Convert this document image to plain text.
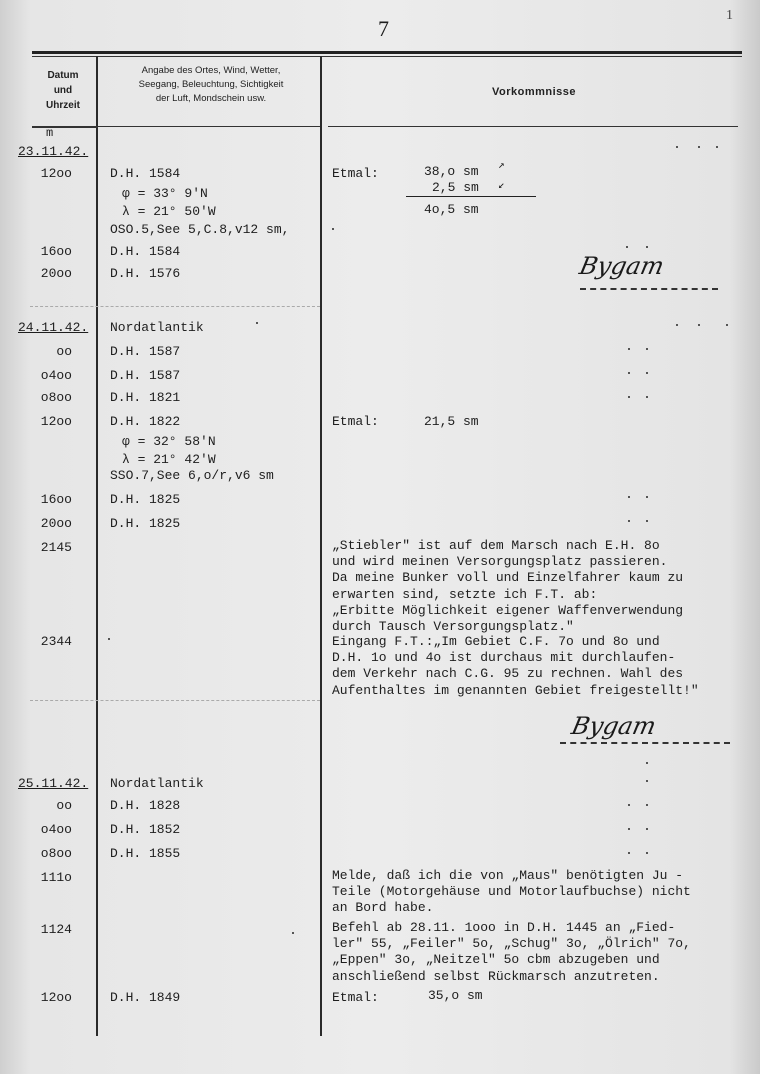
7
1
Datum
und
Uhrzeit
Angabe des Ortes, Wind, Wetter,
Seegang, Beleuchtung, Sichtigkeit
der Luft, Mondschein usw.
Vorkommnisse
m
23.11.42.
12oo	D.H. 1584
φ = 33° 9'N
λ = 21° 50'W
OSO.5,See 5,C.8,v12 sm,
Etmal:	38,o sm ↗
2,5 sm ↙
4o,5 sm
16oo	D.H. 1584
20oo	D.H. 1576	Bygam
24.11.42. Nordatlantik
oo	D.H. 1587
o4oo	D.H. 1587
o8oo	D.H. 1821
12oo	D.H. 1822
φ = 32° 58'N
λ = 21° 42'W
SSO.7,See 6,o/r,v6 sm
Etmal:	21,5 sm
16oo	D.H. 1825
20oo	D.H. 1825
2145	„Stiebler" ist auf dem Marsch nach E.H. 8o
und wird meinen Versorgungsplatz passieren.
Da meine Bunker voll und Einzelfahrer kaum zu
erwarten sind, setzte ich F.T. ab:
„Erbitte Möglichkeit eigener Waffenverwendung
durch Tausch Versorgungsplatz."
2344	Eingang F.T.:„Im Gebiet C.F. 7o und 8o und
D.H. 1o und 4o ist durchaus mit durchlaufen-
dem Verkehr nach C.G. 95 zu rechnen. Wahl des
Aufenthaltes im genannten Gebiet freigestellt!"
Bygam
25.11.42. Nordatlantik
oo	D.H. 1828
o4oo	D.H. 1852
o8oo	D.H. 1855
111o	Melde, daß ich die von „Maus" benötigten Ju -
Teile (Motorgehäuse und Motorlaufbuchse) nicht
an Bord habe.
1124	Befehl ab 28.11. 1ooo in D.H. 1445 an „Fied-
ler" 55, „Feiler" 5o, „Schug" 3o, „Ölrich" 7o,
„Eppen" 3o, „Neitzel" 5o cbm abzugeben und
anschließend selbst Rückmarsch anzutreten.
12oo	D.H. 1849	Etmal:	35,o sm
